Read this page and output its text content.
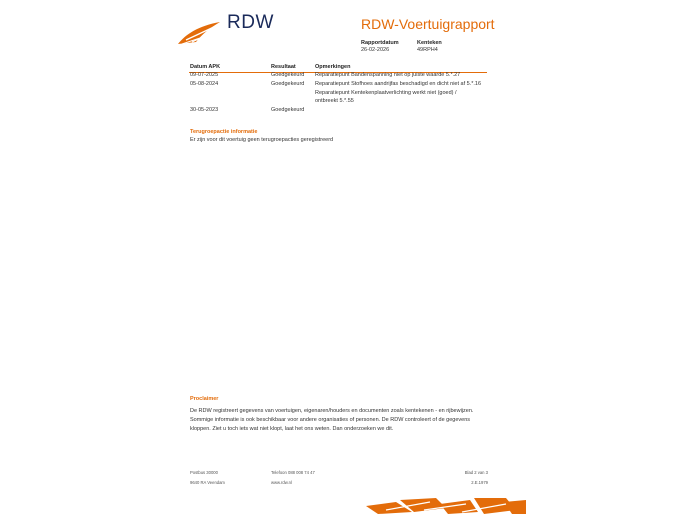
RDW	RDW-Voertuigrapport
Rapportdatum
26-02-2026
Kenteken
49RPH4
Datum APK	Resultaat	Opmerkingen
09-07-2025	Goedgekeurd Reparatiepunt Bandenspanning niet op juiste waarde 5.*.27
05-08-2024	Goedgekeurd Reparatiepunt Stofhoes aandrijfas beschadigd en dicht niet af 5.*.16
Reparatiepunt Kentekenplaatverlichting werkt niet (goed) /
ontbreekt 5.*.55
30-05-2023	Goedgekeurd
Terugroepactie informatie
Er zijn voor dit voertuig geen terugroepacties geregistreerd
Proclaimer
De RDW registreert gegevens van voertuigen, eigenaren/houders en documenten zoals kentekenen - en rijbewijzen.
Sommige informatie is ook beschikbaar voor andere organisaties of personen. De RDW controleert of de gegevens
kloppen. Ziet u toch iets wat niet klopt, laat het ons weten. Dan onderzoeken we dit.
Postbus 30000
9640 RA Veendam
Telefoon 088 008 74 47
www.rdw.nl
Blad 2 van 3
2.E.1979
